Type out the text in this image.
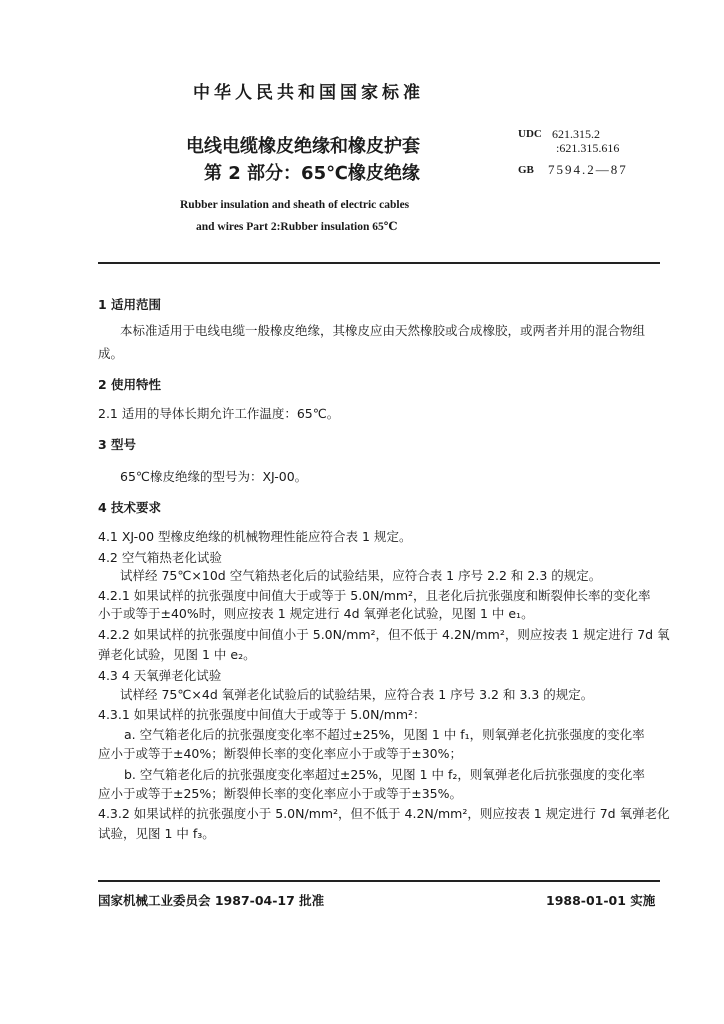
中华人民共和国国家标准
电线电缆橡皮绝缘和橡皮护套
第 2 部分：65℃橡皮绝缘
Rubber insulation and sheath of electric cables
and wires Part 2:Rubber insulation 65℃
UDC 621.315.2
:621.315.616
GB 7594.2—87
1 适用范围
本标准适用于电线电缆一般橡皮绝缘，其橡皮应由天然橡胶或合成橡胶，或两者并用的混合物组
成。
2 使用特性
2.1 适用的导体长期允许工作温度：65℃。
3 型号
65℃橡皮绝缘的型号为：XJ-00。
4 技术要求
4.1 XJ-00 型橡皮绝缘的机械物理性能应符合表 1 规定。
4.2 空气箱热老化试验
试样经 75℃×10d 空气箱热老化后的试验结果，应符合表 1 序号 2.2 和 2.3 的规定。
4.2.1 如果试样的抗张强度中间值大于或等于 5.0N/mm²，且老化后抗张强度和断裂伸长率的变化率
小于或等于±40%时，则应按表 1 规定进行 4d 氧弹老化试验，见图 1 中 e₁。
4.2.2 如果试样的抗张强度中间值小于 5.0N/mm²，但不低于 4.2N/mm²，则应按表 1 规定进行 7d 氧
弹老化试验，见图 1 中 e₂。
4.3 4 天氧弹老化试验
试样经 75℃×4d 氧弹老化试验后的试验结果，应符合表 1 序号 3.2 和 3.3 的规定。
4.3.1 如果试样的抗张强度中间值大于或等于 5.0N/mm²：
a. 空气箱老化后的抗张强度变化率不超过±25%，见图 1 中 f₁，则氧弹老化抗张强度的变化率
应小于或等于±40%；断裂伸长率的变化率应小于或等于±30%；
b. 空气箱老化后的抗张强度变化率超过±25%，见图 1 中 f₂，则氧弹老化后抗张强度的变化率
应小于或等于±25%；断裂伸长率的变化率应小于或等于±35%。
4.3.2 如果试样的抗张强度小于 5.0N/mm²，但不低于 4.2N/mm²，则应按表 1 规定进行 7d 氧弹老化
试验，见图 1 中 f₃。
国家机械工业委员会 1987-04-17 批准	1988-01-01 实施
